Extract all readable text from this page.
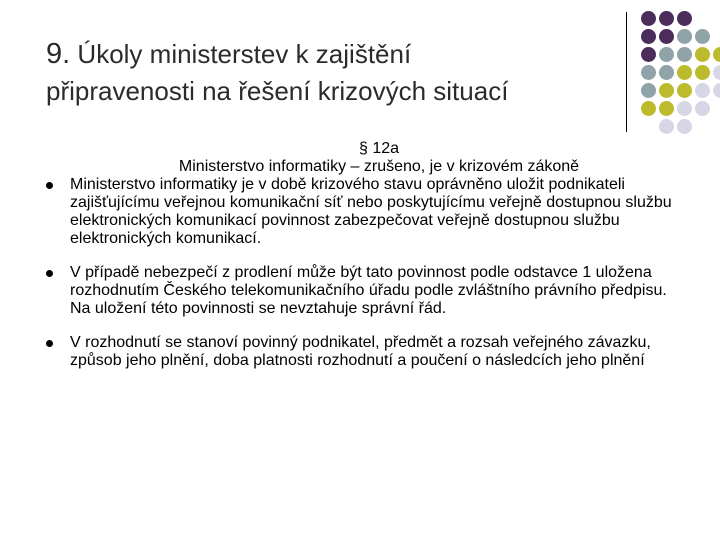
9. Úkoly ministerstev k zajištění
připravenosti na řešení krizových situací
§ 12a
Ministerstvo informatiky – zrušeno, je v krizovém zákoně
Ministerstvo informatiky je v době krizového stavu oprávněno uložit podnikateli zajišťujícímu veřejnou komunikační síť nebo poskytujícímu veřejně dostupnou službu elektronických komunikací povinnost zabezpečovat veřejně dostupnou službu elektronických komunikací.
V případě nebezpečí z prodlení může být tato povinnost podle odstavce 1 uložena rozhodnutím Českého telekomunikačního úřadu podle zvláštního právního předpisu. Na uložení této povinnosti se nevztahuje správní řád.
V rozhodnutí se stanoví povinný podnikatel, předmět a rozsah veřejného závazku, způsob jeho plnění, doba platnosti rozhodnutí a poučení o následcích jeho plnění
